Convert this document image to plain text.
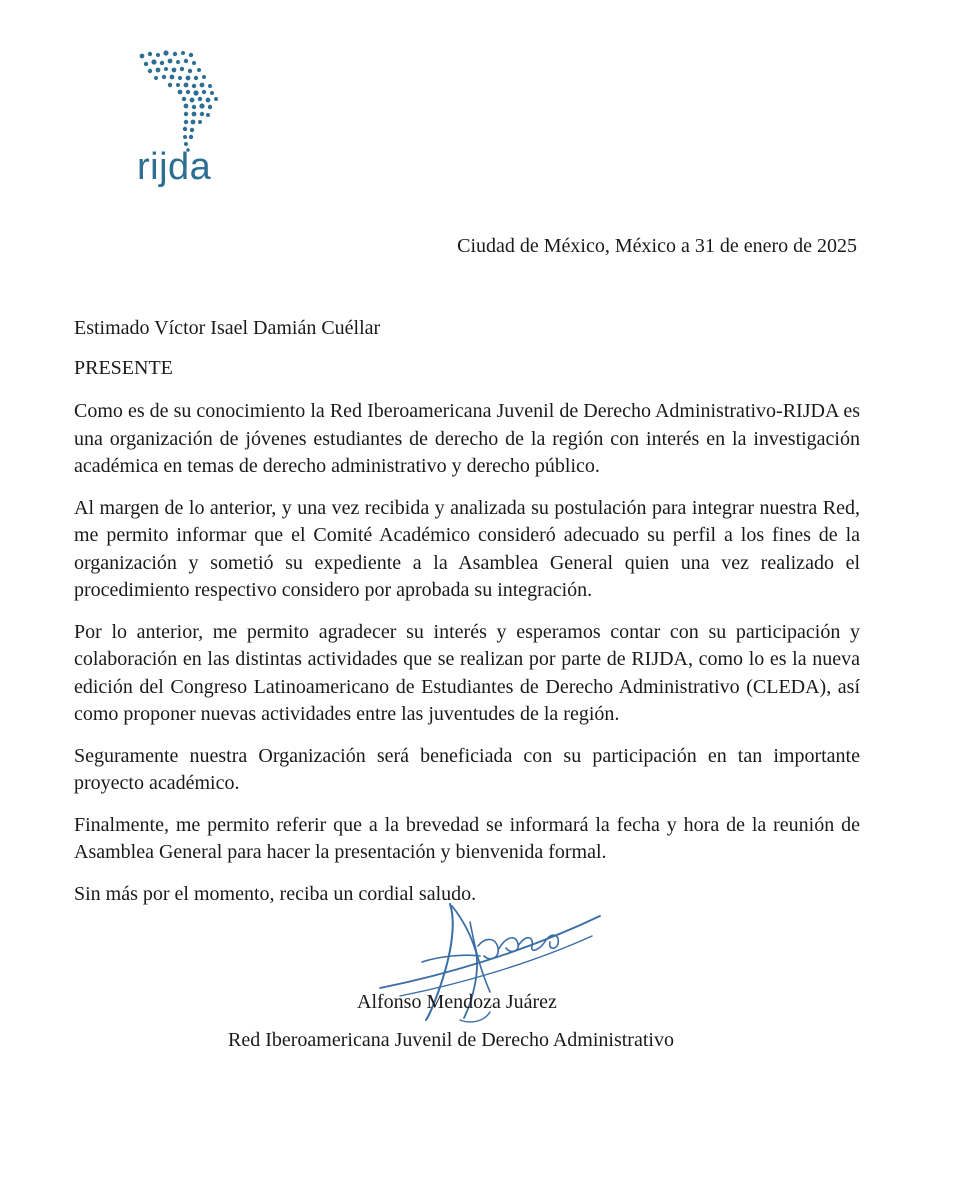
rijda
Ciudad de México, México a 31 de enero de 2025
Estimado Víctor Isael Damián Cuéllar
PRESENTE

Como es de su conocimiento la Red Iberoamericana Juvenil de Derecho Administrativo-RIJDA es una organización de jóvenes estudiantes de derecho de la región con interés en la investigación académica en temas de derecho administrativo y derecho público.

Al margen de lo anterior, y una vez recibida y analizada su postulación para integrar nuestra Red, me permito informar que el Comité Académico consideró adecuado su perfil a los fines de la organización y sometió su expediente a la Asamblea General quien una vez realizado el procedimiento respectivo considero por aprobada su integración.

Por lo anterior, me permito agradecer su interés y esperamos contar con su participación y colaboración en las distintas actividades que se realizan por parte de RIJDA, como lo es la nueva edición del Congreso Latinoamericano de Estudiantes de Derecho Administrativo (CLEDA), así como proponer nuevas actividades entre las juventudes de la región.

Seguramente nuestra Organización será beneficiada con su participación en tan importante proyecto académico.

Finalmente, me permito referir que a la brevedad se informará la fecha y hora de la reunión de Asamblea General para hacer la presentación y bienvenida formal.

Sin más por el momento, reciba un cordial saludo.

Alfonso Mendoza Juárez
Red Iberoamericana Juvenil de Derecho Administrativo
